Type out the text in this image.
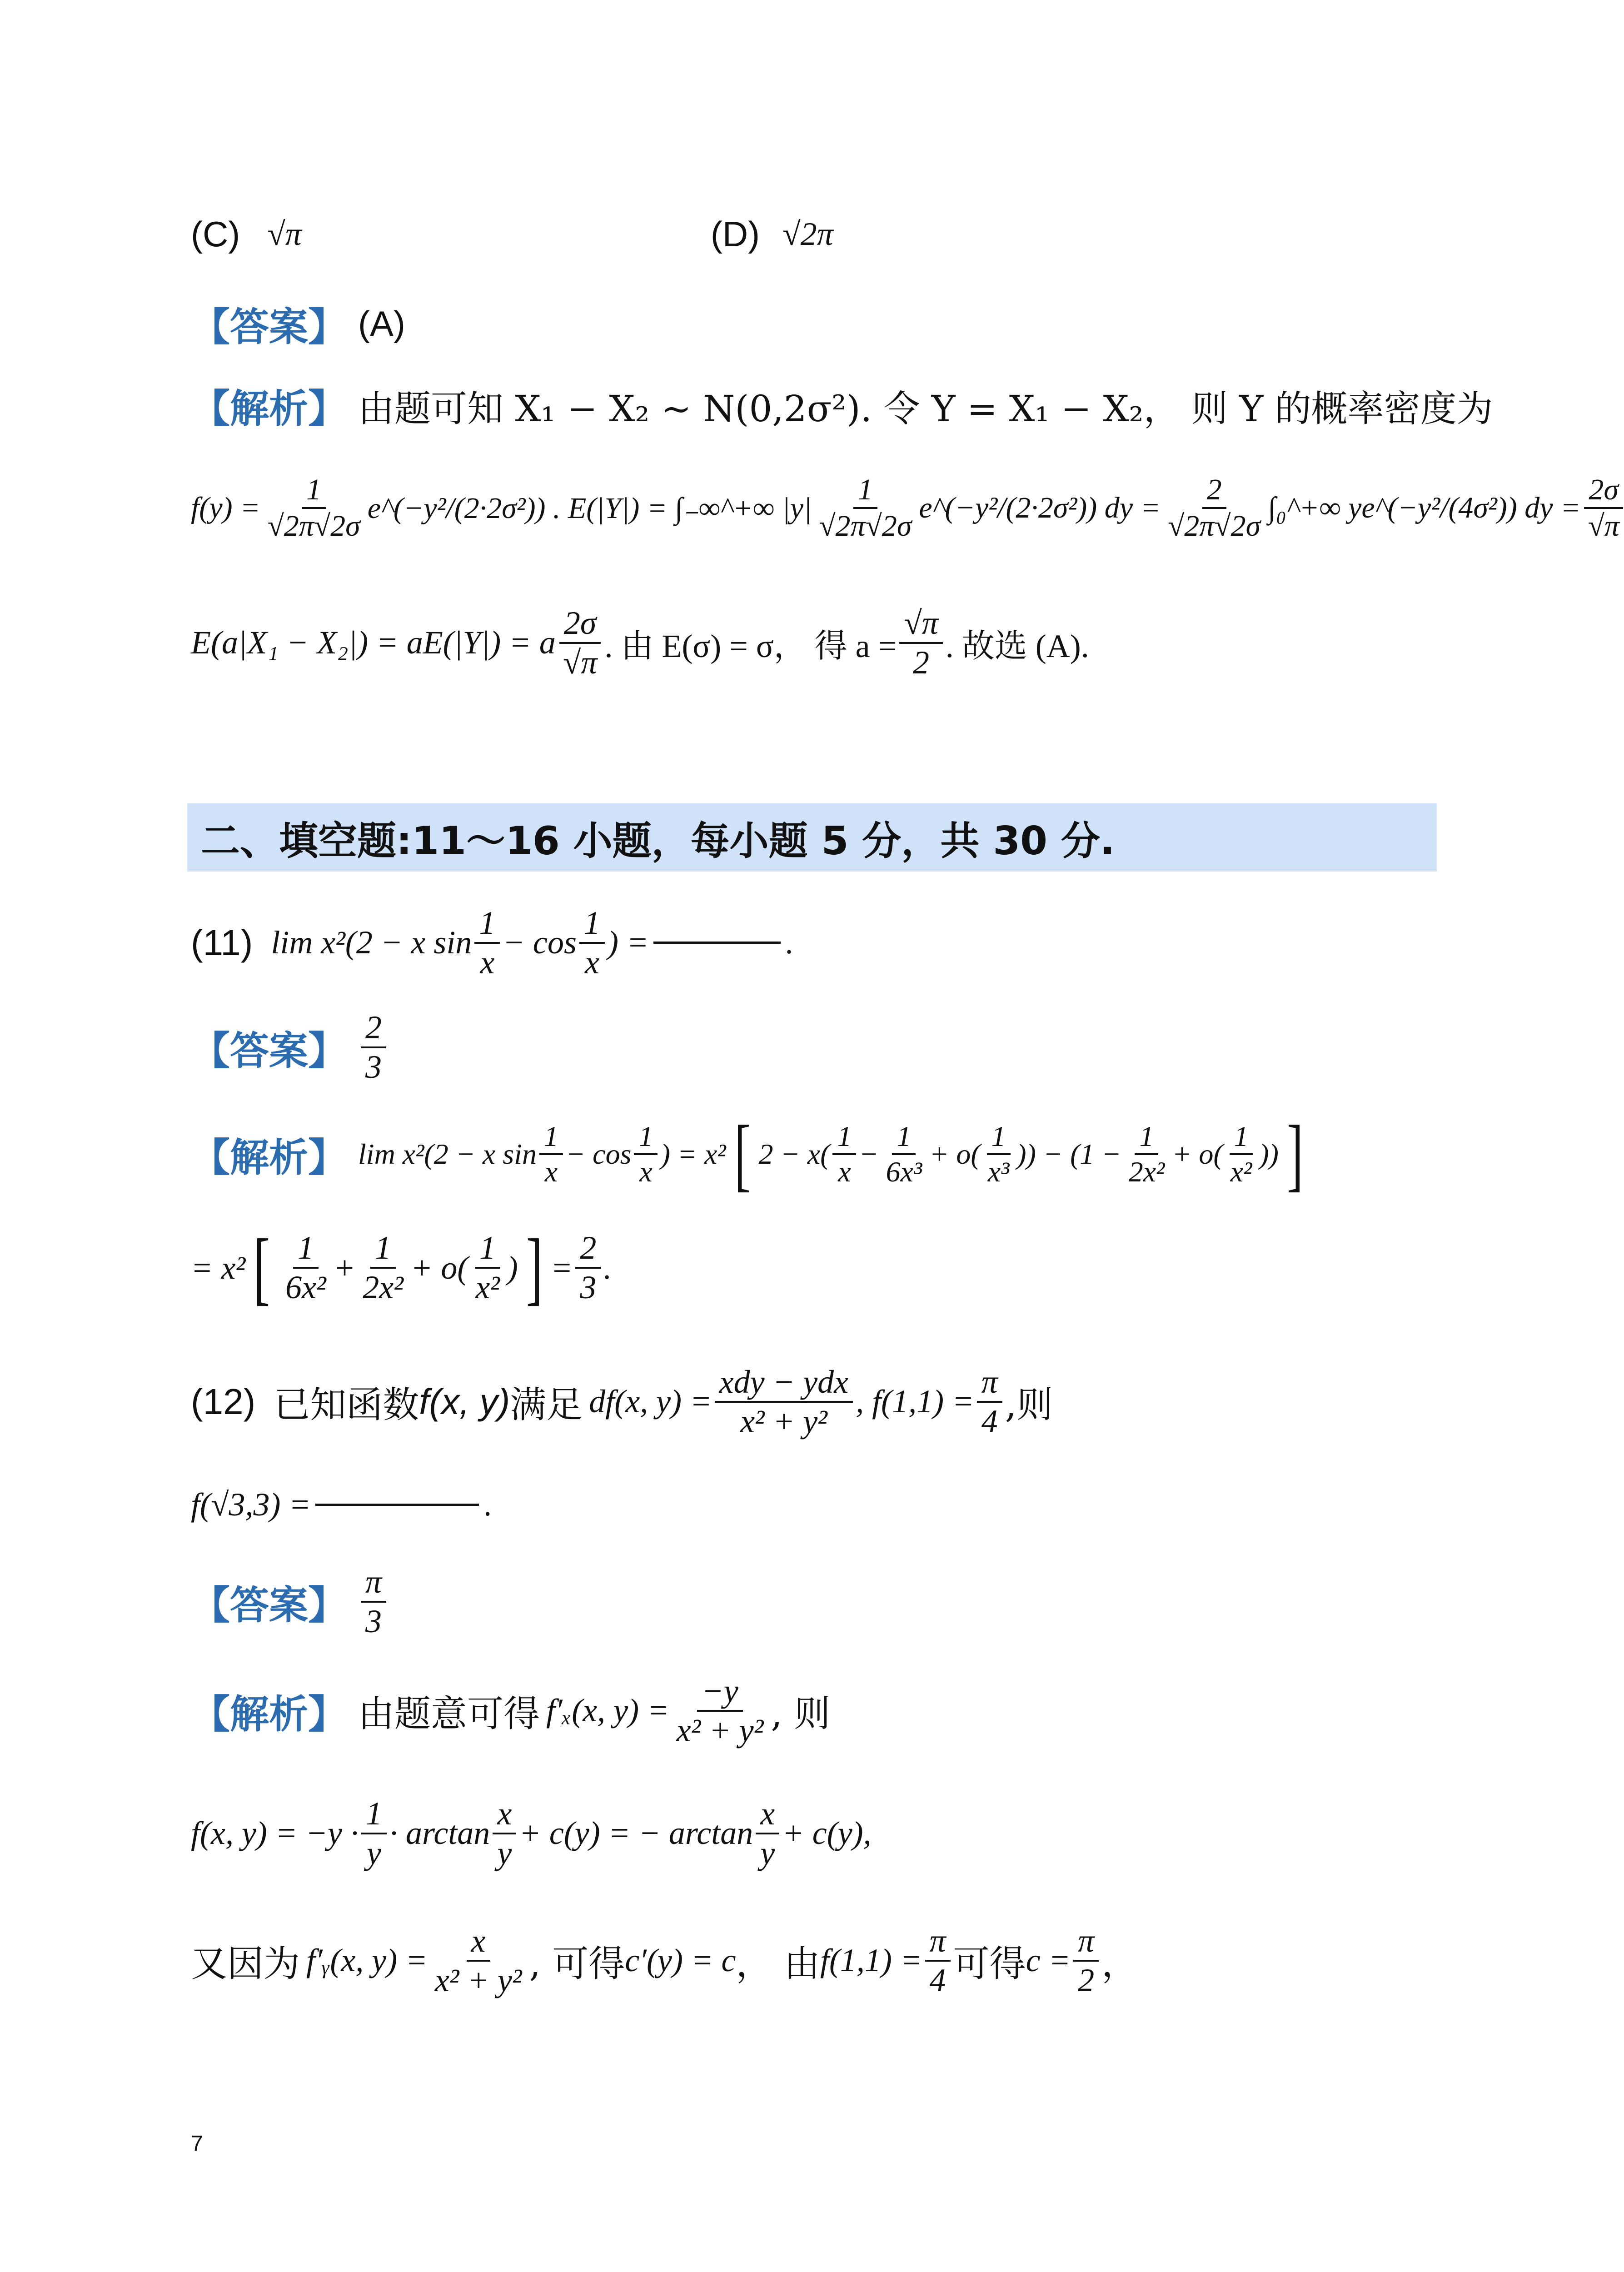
(C) √π	(D) √2π
【答案】 (A)
【解析】 由题可知 X₁ − X₂ ~ N(0,2σ²). 令 Y = X₁ − X₂， 则 Y 的概率密度为
$f(y) = \frac{1}{√2\pi√2\sigma}$ e^(−y²/(2·2σ²)) . E(|Y|) = ∫₋∞^+∞ $|y| \frac{1}{√2\pi√2\sigma}$ e^(−y²/(2·2σ²)) dy = $\frac{2}{√2\pi√2\sigma}$ ∫₀^+∞ ye^(−y²/(4σ²)) dy = $\frac{2\sigma}{√\pi}$
E(a|X₁ − X₂|) = aE(|Y|) = a $\frac{2\sigma}{√\pi}$ . 由 E(σ) = σ， 得 $a = \frac{√\pi}{2}$ . 故选 (A).
二、填空题:11～16 小题，每小题 5 分，共 30 分.
(11) lim x²(2 − x $\sin \frac{1}{x} - \cos \frac{1}{x}$ ) =	.
【答案】 $\frac{2}{3}$
【解析】 lim x²(2 − x $\sin \frac{1}{x} - \cos \frac{1}{x}$ ) = x² [ $2 - x( \frac{1}{x} - \frac{1}{\text{6x³}} + o( \frac{1}{\text{x³}}$ )) − ($1 - \frac{1}{\text{2x²}} + o( \frac{1}{\text{x²}}$ )) ]
= x² [ $\frac{1}{\text{6x²}} + \frac{1}{\text{2x²}} + o( \frac{1}{\text{x²}}$ ) ] = $\frac{2}{3}$ .
(12) 已知函数 f(x, y) 满足 df(x, $y) = \frac{\text{xdy − ydx}}{\text{x² + y²}}$ , $f(1,1) = \frac{\pi}{4}$ ,则
f(√3,3) =	.
【答案】 $\frac{\pi}{3}$
【解析】 由题意可得 f′ₓ(x, $y) = \frac{-y}{\text{x² + y²}}$ , 则
f(x, $y) = -y \cdot \frac{1}{y} \cdot \arctan \frac{x}{y} + c(y)$ = − $\arctan \frac{x}{y} + c(y)$,
又因为 f′ᵧ(x, $y) = \frac{x}{\text{x² + y²}}$ , 可得 c′(y) = c ， 由 $f(1,1) = \frac{\pi}{4}$ 可得 $c = \frac{\pi}{2}$ ，
7
